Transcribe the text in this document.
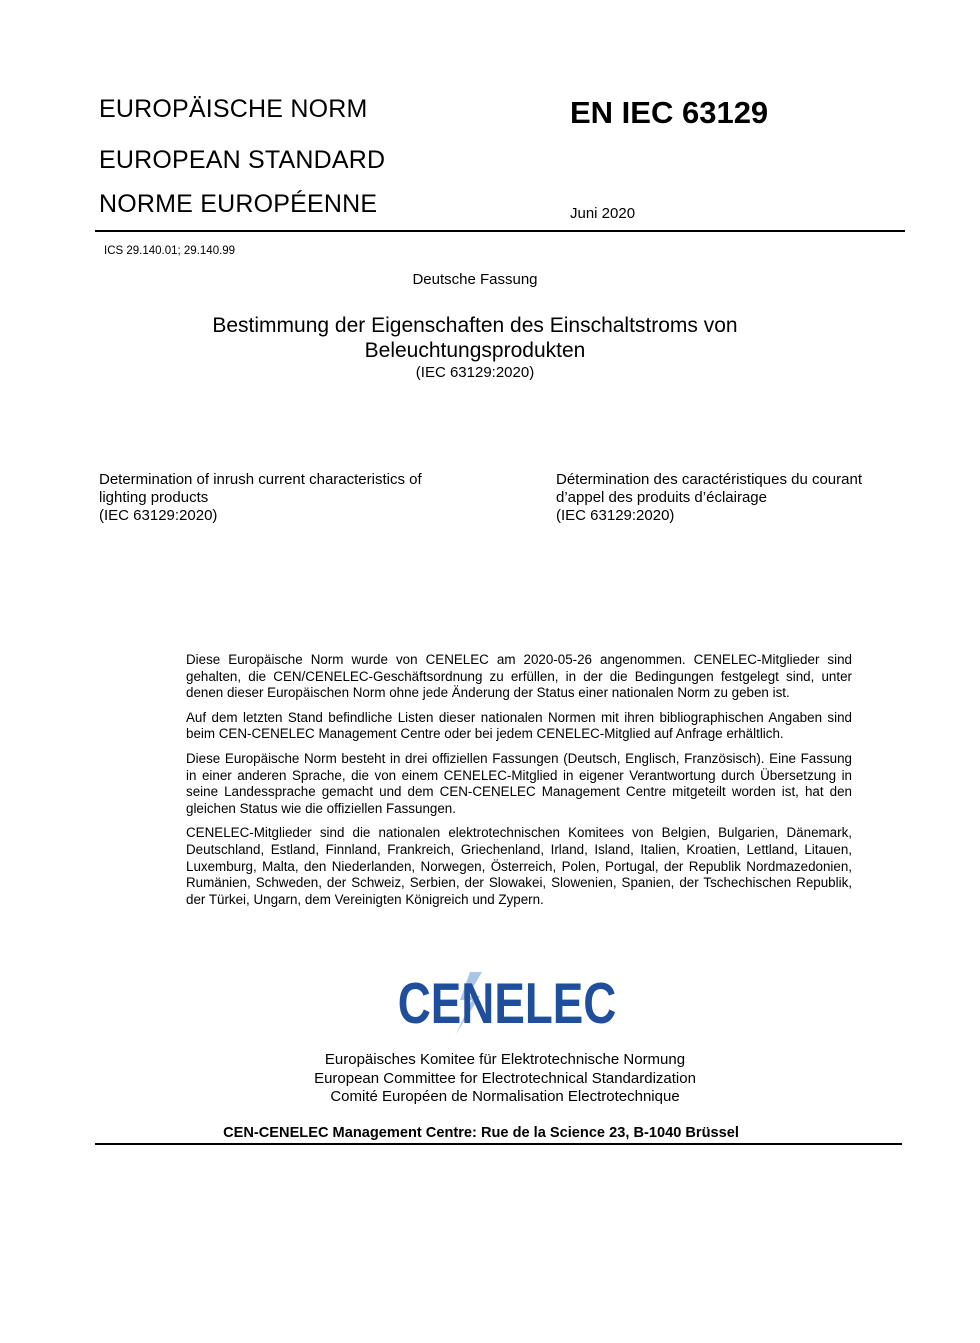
EUROPÄISCHE NORM
EUROPEAN STANDARD
NORME EUROPÉENNE
EN IEC 63129
Juni 2020
ICS 29.140.01; 29.140.99
Deutsche Fassung
Bestimmung der Eigenschaften des Einschaltstroms von
Beleuchtungsprodukten
(IEC 63129:2020)
Determination of inrush current characteristics of
lighting products
(IEC 63129:2020)
Détermination des caractéristiques du courant
d’appel des produits d’éclairage
(IEC 63129:2020)

Diese Europäische Norm wurde von CENELEC am 2020-05-26 angenommen. CENELEC-Mitglieder sind gehalten, die CEN/CENELEC-Geschäftsordnung zu erfüllen, in der die Bedingungen festgelegt sind, unter denen dieser Europäischen Norm ohne jede Änderung der Status einer nationalen Norm zu geben ist.

Auf dem letzten Stand befindliche Listen dieser nationalen Normen mit ihren bibliographischen Angaben sind beim CEN-CENELEC Management Centre oder bei jedem CENELEC-Mitglied auf Anfrage erhältlich.

Diese Europäische Norm besteht in drei offiziellen Fassungen (Deutsch, Englisch, Französisch). Eine Fassung in einer anderen Sprache, die von einem CENELEC-Mitglied in eigener Verantwortung durch Übersetzung in seine Landessprache gemacht und dem CEN-CENELEC Management Centre mitgeteilt worden ist, hat den gleichen Status wie die offiziellen Fassungen.

CENELEC-Mitglieder sind die nationalen elektrotechnischen Komitees von Belgien, Bulgarien, Dänemark, Deutschland, Estland, Finnland, Frankreich, Griechenland, Irland, Island, Italien, Kroatien, Lettland, Litauen, Luxemburg, Malta, den Niederlanden, Norwegen, Österreich, Polen, Portugal, der Republik Nordmazedonien, Rumänien, Schweden, der Schweiz, Serbien, der Slowakei, Slowenien, Spanien, der Tschechischen Republik, der Türkei, Ungarn, dem Vereinigten Königreich und Zypern.

CENELEC
Europäisches Komitee für Elektrotechnische Normung
European Committee for Electrotechnical Standardization
Comité Européen de Normalisation Electrotechnique
CEN-CENELEC Management Centre: Rue de la Science 23, B-1040 Brüssel
